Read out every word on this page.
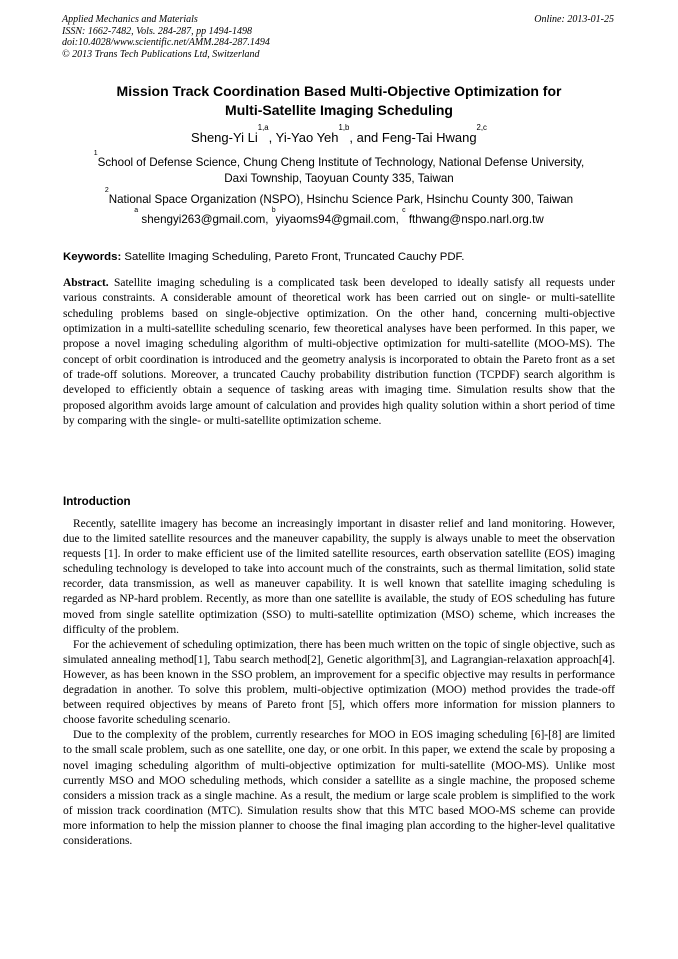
Applied Mechanics and Materials
ISSN: 1662-7482, Vols. 284-287, pp 1494-1498
doi:10.4028/www.scientific.net/AMM.284-287.1494
© 2013 Trans Tech Publications Ltd, Switzerland
Online: 2013-01-25
Mission Track Coordination Based Multi-Objective Optimization for
Multi-Satellite Imaging Scheduling
Sheng-Yi Li$^{1,a}$, Yi-Yao Yeh$^{1,b}$, and Feng-Tai Hwang$^{2,c}$
$^1$School of Defense Science, Chung Cheng Institute of Technology, National Defense University,
Daxi Township, Taoyuan County 335, Taiwan
$^2$National Space Organization (NSPO), Hsinchu Science Park, Hsinchu County 300, Taiwan
$^a$ shengyi263@gmail.com, $^b$yiyaoms94@gmail.com, $^c$ fthwang@nspo.narl.org.tw
Keywords: Satellite Imaging Scheduling, Pareto Front, Truncated Cauchy PDF.

Abstract. Satellite imaging scheduling is a complicated task been developed to ideally satisfy all requests under various constraints. A considerable amount of theoretical work has been carried out on single- or multi-satellite scheduling problems based on single-objective optimization. On the other hand, concerning multi-objective optimization in a multi-satellite scheduling scenario, few theoretical analyses have been performed. In this paper, we propose a novel imaging scheduling algorithm of multi-objective optimization for multi-satellite (MOO-MS). The concept of orbit coordination is introduced and the geometry analysis is incorporated to obtain the Pareto front as a set of trade-off solutions. Moreover, a truncated Cauchy probability distribution function (TCPDF) search algorithm is developed to efficiently obtain a sequence of tasking areas with imaging time. Simulation results show that the proposed algorithm avoids large amount of calculation and provides high quality solution within a short period of time by comparing with the single- or multi-satellite optimization scheme.

Introduction

Recently, satellite imagery has become an increasingly important in disaster relief and land monitoring. However, due to the limited satellite resources and the maneuver capability, the supply is always unable to meet the observation requests [1]. In order to make efficient use of the limited satellite resources, earth observation satellite (EOS) imaging scheduling technology is developed to take into account much of the constraints, such as thermal limitation, solid state recorder, data transmission, as well as maneuver capability. It is well known that satellite imaging scheduling is regarded as NP-hard problem. Recently, as more than one satellite is available, the study of EOS scheduling has future moved from single satellite optimization (SSO) to multi-satellite optimization (MSO) scheme, which increases the difficulty of the problem.

For the achievement of scheduling optimization, there has been much written on the topic of single objective, such as simulated annealing method[1], Tabu search method[2], Genetic algorithm[3], and Lagrangian-relaxation approach[4]. However, as has been known in the SSO problem, an improvement for a specific objective may results in performance degradation in another. To solve this problem, multi-objective optimization (MOO) method provides the trade-off between required objectives by means of Pareto front [5], which offers more information for mission planners to choose favorite scheduling scenario.

Due to the complexity of the problem, currently researches for MOO in EOS imaging scheduling [6]-[8] are limited to the small scale problem, such as one satellite, one day, or one orbit. In this paper, we extend the scale by proposing a novel imaging scheduling algorithm of multi-objective optimization for multi-satellite (MOO-MS). Unlike most currently MSO and MOO scheduling methods, which consider a satellite as a single machine, the proposed scheme considers a mission track as a single machine. As a result, the medium or large scale problem is simplified to the work of mission track coordination (MTC). Simulation results show that this MTC based MOO-MS scheme can provide more information to help the mission planner to choose the final imaging plan according to the higher-level qualitative considerations.
